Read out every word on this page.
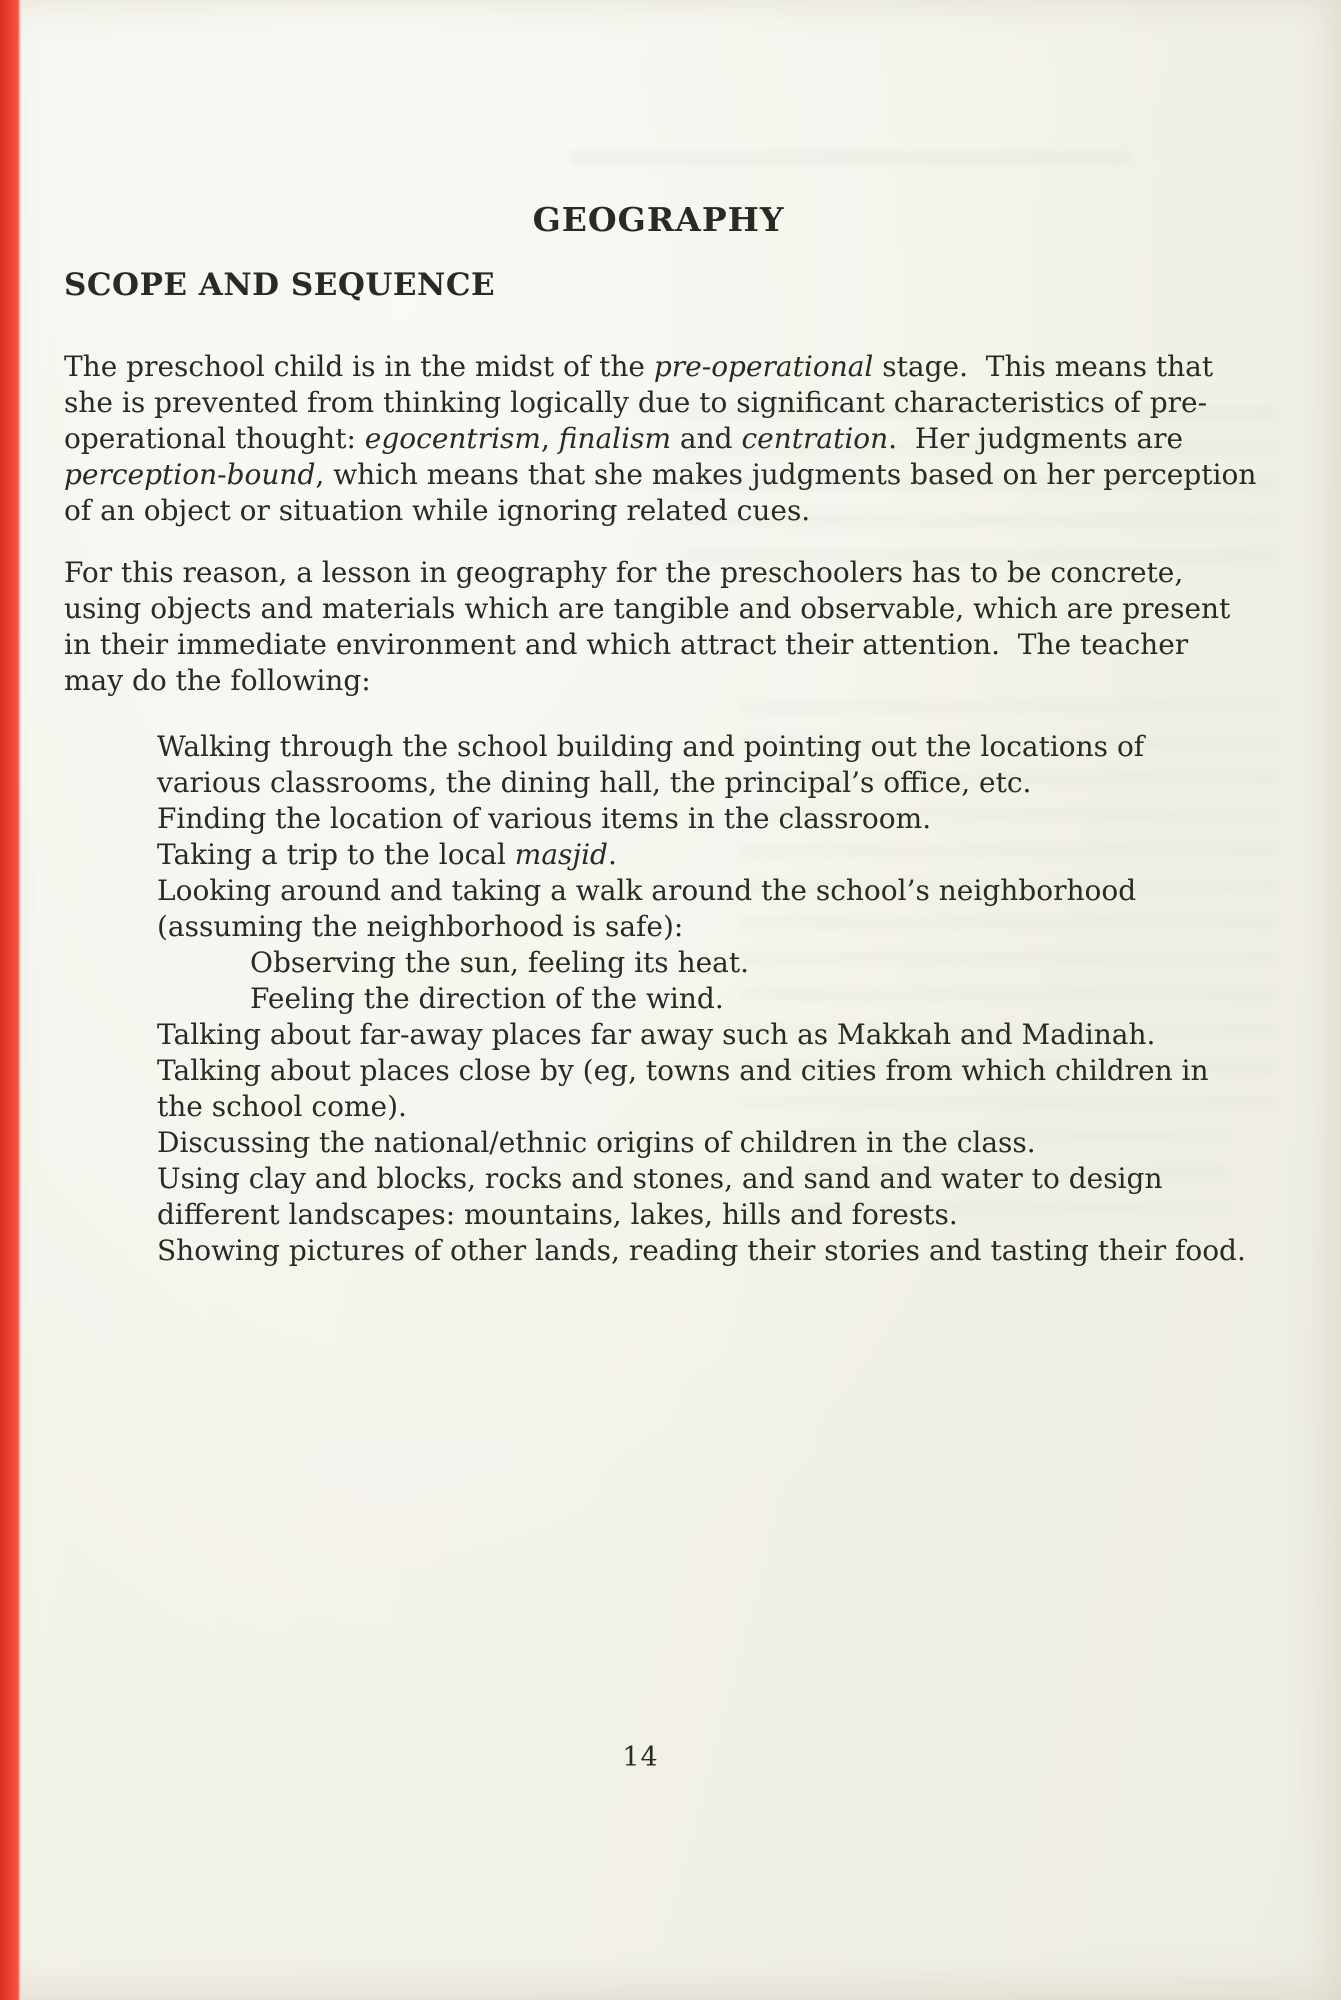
GEOGRAPHY
SCOPE AND SEQUENCE
The preschool child is in the midst of the pre-operational stage.  This means that
she is prevented from thinking logically due to significant characteristics of pre-
operational thought: egocentrism, finalism and centration.  Her judgments are
perception-bound, which means that she makes judgments based on her perception
of an object or situation while ignoring related cues.
For this reason, a lesson in geography for the preschoolers has to be concrete,
using objects and materials which are tangible and observable, which are present
in their immediate environment and which attract their attention.  The teacher
may do the following:
Walking through the school building and pointing out the locations of
various classrooms, the dining hall, the principal’s office, etc.
Finding the location of various items in the classroom.
Taking a trip to the local masjid.
Looking around and taking a walk around the school’s neighborhood
(assuming the neighborhood is safe):
Observing the sun, feeling its heat.
Feeling the direction of the wind.
Talking about far-away places far away such as Makkah and Madinah.
Talking about places close by (eg, towns and cities from which children in
the school come).
Discussing the national/ethnic origins of children in the class.
Using clay and blocks, rocks and stones, and sand and water to design
different landscapes: mountains, lakes, hills and forests.
Showing pictures of other lands, reading their stories and tasting their food.
14
